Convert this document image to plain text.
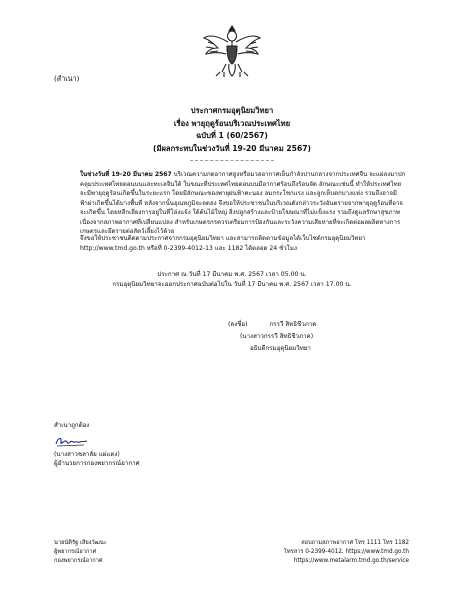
(สำเนา)
ประกาศกรมอุตุนิยมวิทยา
เรื่อง พายุฤดูร้อนบริเวณประเทศไทย
ฉบับที่ 1 (60/2567)
(มีผลกระทบในช่วงวันที่ 19-20 มีนาคม 2567)
ในช่วงวันที่ 19-20 มีนาคม 2567 บริเวณความกดอากาศสูงหรือมวลอากาศเย็นกำลังปานกลางจากประเทศจีน จะแผ่ลงมาปกคลุมประเทศไทยตอนบนและทะเลจีนใต้ ในขณะที่ประเทศไทยตอนบนมีอากาศร้อนถึงร้อนจัด ลักษณะเช่นนี้ ทำให้ประเทศไทยจะมีพายุฤดูร้อนเกิดขึ้นในระยะแรก โดยมีลักษณะของพายุฝนฟ้าคะนอง ลมกระโชกแรง และลูกเห็บตกบางแห่ง รวมถึงอาจมีฟ้าผ่าเกิดขึ้นได้บางพื้นที่ หลังจากนั้นอุณหภูมิจะลดลง จึงขอให้ประชาชนในบริเวณดังกล่าวระวังอันตรายจากพายุฤดูร้อนที่อาจจะเกิดขึ้น โดยหลีกเลี่ยงการอยู่ในที่โล่งแจ้ง ใต้ต้นไม้ใหญ่ สิ่งปลูกสร้างและป้ายโฆษณาที่ไม่แข็งแรง รวมถึงดูแลรักษาสุขภาพเนื่องจากสภาพอากาศที่เปลี่ยนแปลง สำหรับเกษตรกรควรเตรียมการป้องกันและระวังความเสียหายที่จะเกิดต่อผลผลิตทางการเกษตรและยึดรายต่อสัตว์เลี้ยงไว้ด้วย
จึงขอให้ประชาชนติดตามประกาศจากกรมอุตุนิยมวิทยา และสามารถติดตามข้อมูลได้เว็บไซต์กรมอุตุนิยมวิทยา http://www.tmd.go.th หรือที่ 0-2399-4012-13 และ 1182 ได้ตลอด 24 ชั่วโมง
ประกาศ ณ วันที่ 17 มีนาคม พ.ศ. 2567 เวลา 05.00 น.
กรมอุตุนิยมวิทยาจะออกประกาศฉบับต่อไปใน วันที่ 17 มีนาคม พ.ศ. 2567 เวลา 17.00 น.
(ลงชื่อ)	กรรวี สิทธิชีวภาค
(นางสาวกรรวี สิทธิชีวภาค)
อธิบดีกรมอุตุนิยมวิทยา
สำเนาถูกต้อง
(นางสาวชลาลัย แผ่แตง)
ผู้อำนวยการกองพยากรณ์อากาศ
นายนัติรัฐ เสียงวัฒนะ
ผู้พยากรณ์อากาศ
กองพยากรณ์อากาศ
สอบถามสภาพอากาศ โทร 1111 โทร 1182
โทรสาร 0-2399-4012, https://www.tmd.go.th
https://www.metalarm.tmd.go.th/service
